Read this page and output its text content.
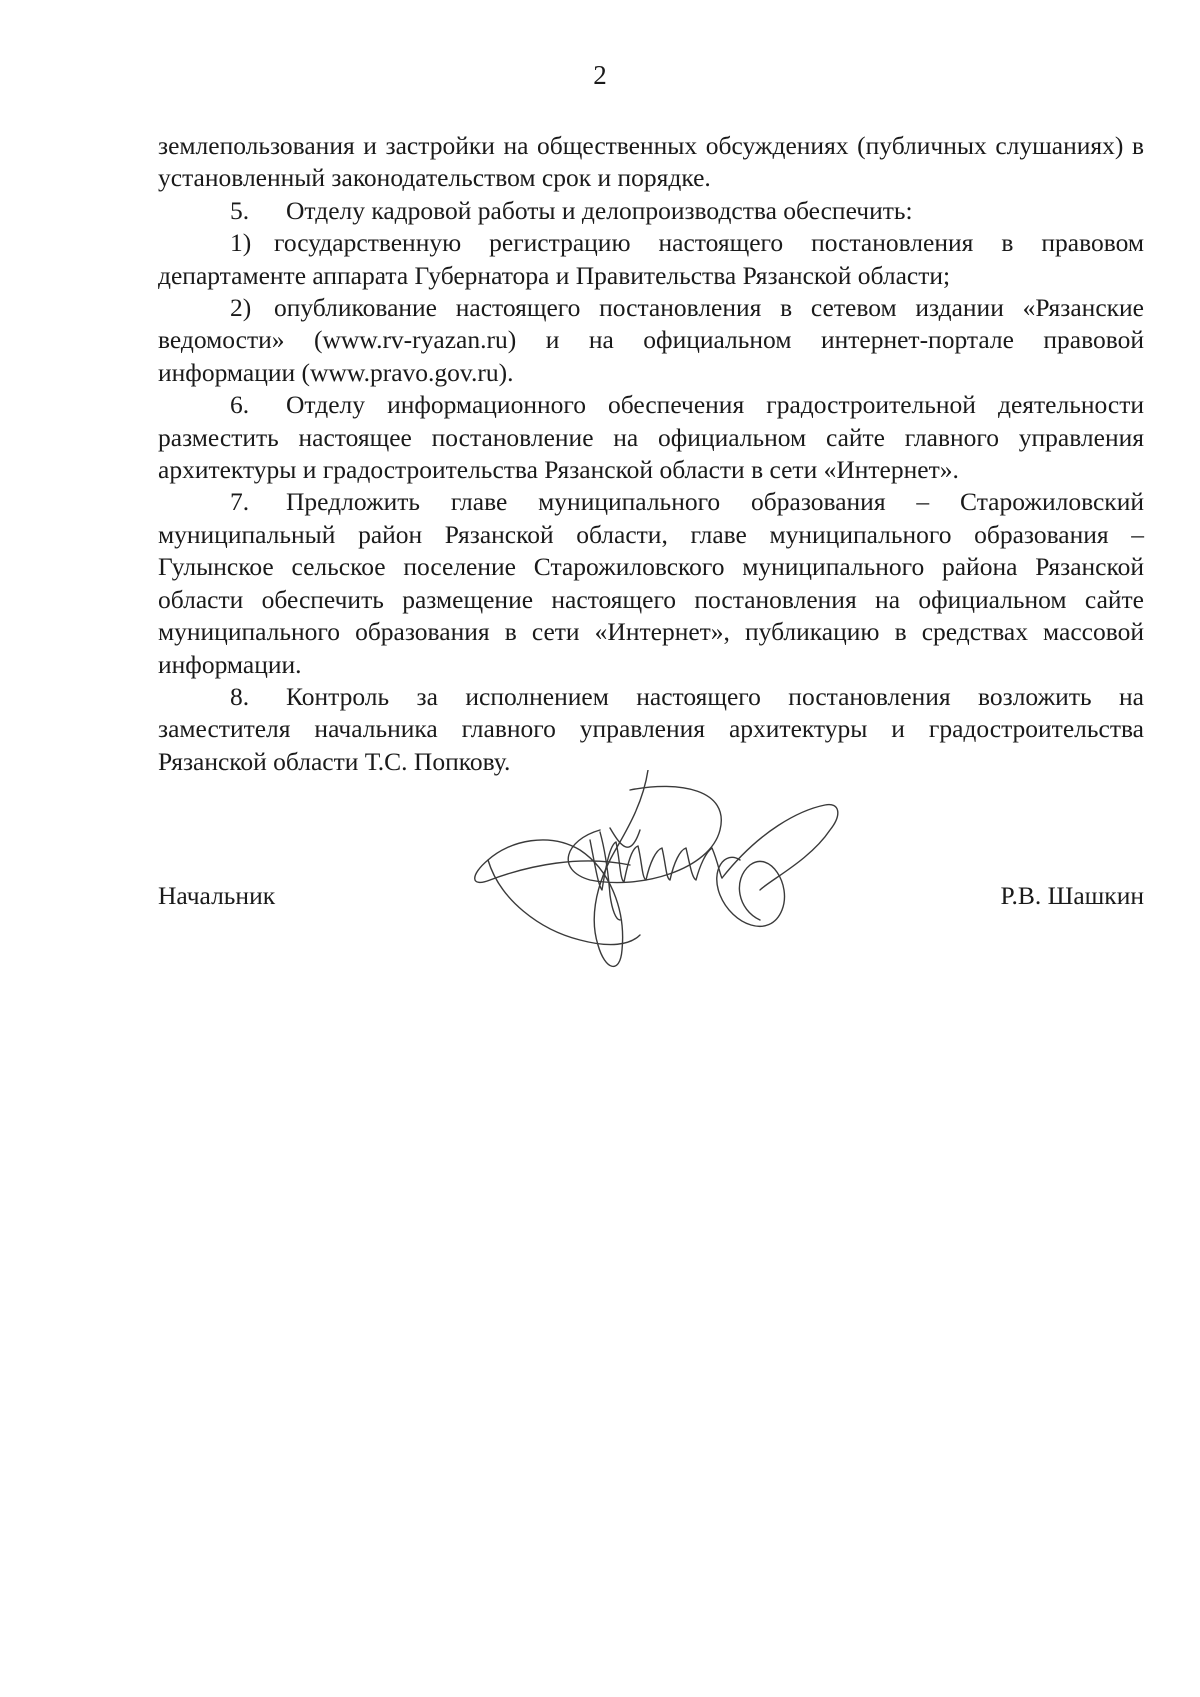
2

землепользования и застройки на общественных обсуждениях (публичных слушаниях) в установленный законодательством срок и порядке.

5. Отделу кадровой работы и делопроизводства обеспечить:

1) государственную регистрацию настоящего постановления в правовом департаменте аппарата Губернатора и Правительства Рязанской области;

2) опубликование настоящего постановления в сетевом издании «Рязанские ведомости» (www.rv-ryazan.ru) и на официальном интернет-портале правовой информации (www.pravo.gov.ru).

6. Отделу информационного обеспечения градостроительной деятельности разместить настоящее постановление на официальном сайте главного управления архитектуры и градостроительства Рязанской области в сети «Интернет».

7. Предложить главе муниципального образования – Старожиловский муниципальный район Рязанской области, главе муниципального образования – Гулынское сельское поселение Старожиловского муниципального района Рязанской области обеспечить размещение настоящего постановления на официальном сайте муниципального образования в сети «Интернет», публикацию в средствах массовой информации.

8. Контроль за исполнением настоящего постановления возложить на заместителя начальника главного управления архитектуры и градостроительства Рязанской области Т.С. Попкову.

Начальник	Р.В. Шашкин
